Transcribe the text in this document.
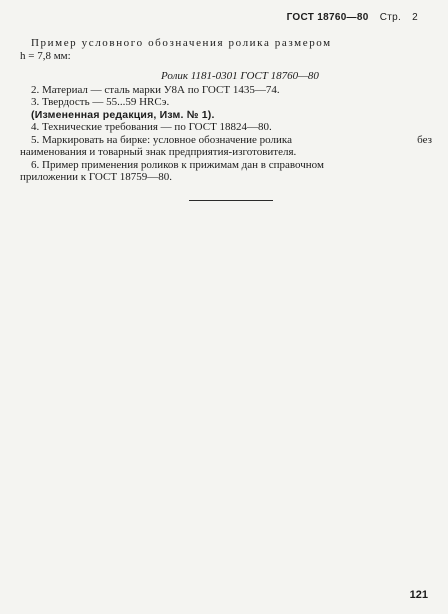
ГОСТ 18760—80 Стр. 2

Пример условного обозначения ролика размером

h = 7,8 мм:

Ролик 1181-0301 ГОСТ 18760—80

2. Материал — сталь марки У8А по ГОСТ 1435—74.

3. Твердость — 55...59 HRCэ.

(Измененная редакция, Изм. № 1).

4. Технические требования — по ГОСТ 18824—80.

5. Маркировать на бирке: условное обозначение ролика	без

наименования и товарный знак предприятия-изготовителя.

6. Пример применения роликов к прижимам дан в справочном

приложении к ГОСТ 18759—80.

121
